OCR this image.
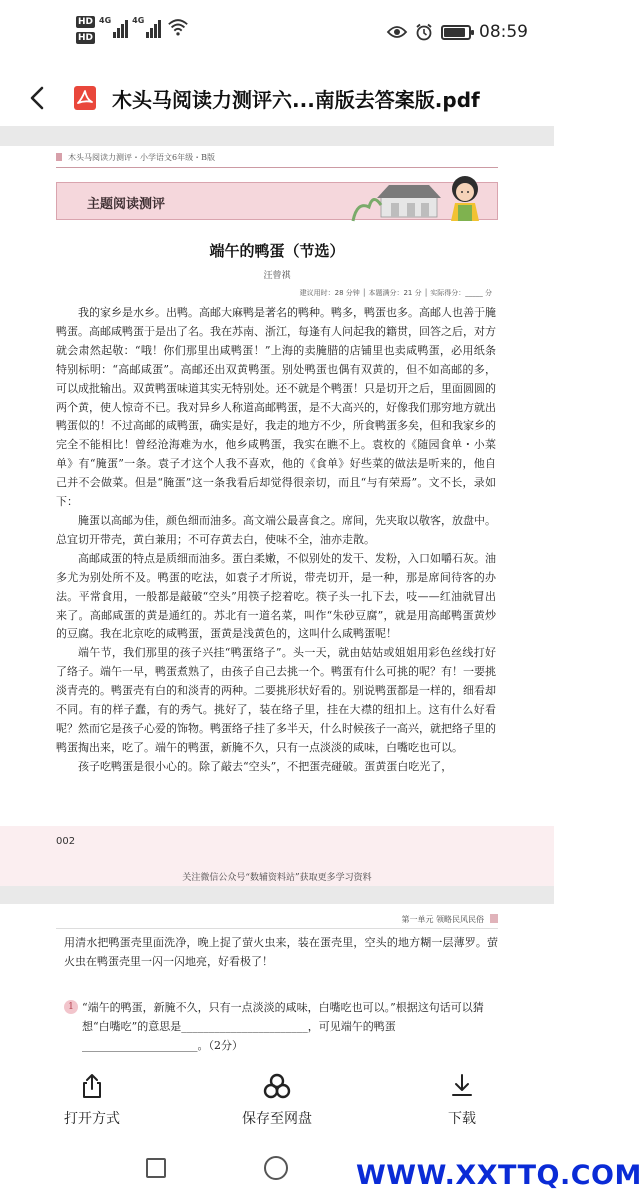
HD
HD
4G	4G
08:59
木头马阅读力测评六...南版去答案版.pdf
木头马阅读力测评・小学语文6年级・B版
主题阅读测评
端午的鸭蛋（节选）
汪曾祺
建议用时：28 分钟 │ 本题满分：21 分 │ 实际得分：_____ 分

我的家乡是水乡。出鸭。高邮大麻鸭是著名的鸭种。鸭多，鸭蛋也多。高邮人也善于腌鸭蛋。高邮咸鸭蛋于是出了名。我在苏南、浙江，每逢有人问起我的籍贯，回答之后，对方就会肃然起敬：“哦！你们那里出咸鸭蛋！”上海的卖腌腊的店铺里也卖咸鸭蛋，必用纸条特别标明：“高邮咸蛋”。高邮还出双黄鸭蛋。别处鸭蛋也偶有双黄的，但不如高邮的多，可以成批输出。双黄鸭蛋味道其实无特别处。还不就是个鸭蛋！只是切开之后，里面圆圆的两个黄，使人惊奇不已。我对异乡人称道高邮鸭蛋，是不大高兴的，好像我们那穷地方就出鸭蛋似的！不过高邮的咸鸭蛋，确实是好，我走的地方不少，所食鸭蛋多矣，但和我家乡的完全不能相比！曾经沧海难为水，他乡咸鸭蛋，我实在瞧不上。袁枚的《随园食单・小菜单》有“腌蛋”一条。袁子才这个人我不喜欢，他的《食单》好些菜的做法是听来的，他自己并不会做菜。但是“腌蛋”这一条我看后却觉得很亲切，而且“与有荣焉”。文不长，录如下：

腌蛋以高邮为佳，颜色细而油多。高文端公最喜食之。席间，先夹取以敬客，放盘中。总宜切开带壳，黄白兼用；不可存黄去白，使味不全，油亦走散。

高邮咸蛋的特点是质细而油多。蛋白柔嫩，不似别处的发干、发粉，入口如嚼石灰。油多尤为别处所不及。鸭蛋的吃法，如袁子才所说，带壳切开，是一种，那是席间待客的办法。平常食用，一般都是敲破“空头”用筷子挖着吃。筷子头一扎下去，吱——红油就冒出来了。高邮咸蛋的黄是通红的。苏北有一道名菜，叫作“朱砂豆腐”，就是用高邮鸭蛋黄炒的豆腐。我在北京吃的咸鸭蛋，蛋黄是浅黄色的，这叫什么咸鸭蛋呢！

端午节，我们那里的孩子兴挂“鸭蛋络子”。头一天，就由姑姑或姐姐用彩色丝线打好了络子。端午一早，鸭蛋煮熟了，由孩子自己去挑一个。鸭蛋有什么可挑的呢？有！一要挑淡青壳的。鸭蛋壳有白的和淡青的两种。二要挑形状好看的。别说鸭蛋都是一样的，细看却不同。有的样子蠢，有的秀气。挑好了，装在络子里，挂在大襟的纽扣上。这有什么好看呢？然而它是孩子心爱的饰物。鸭蛋络子挂了多半天，什么时候孩子一高兴，就把络子里的鸭蛋掏出来，吃了。端午的鸭蛋，新腌不久，只有一点淡淡的咸味，白嘴吃也可以。

孩子吃鸭蛋是很小心的。除了敲去“空头”，不把蛋壳碰破。蛋黄蛋白吃光了，

002
关注微信公众号“数辅资料站”获取更多学习资料
第一单元 领略民风民俗
用清水把鸭蛋壳里面洗净，晚上捉了萤火虫来，装在蛋壳里，空头的地方糊一层薄罗。萤火虫在鸭蛋壳里一闪一闪地亮，好看极了！
1 “端午的鸭蛋，新腌不久，只有一点淡淡的咸味，白嘴吃也可以。”根据这句话可以猜想“白嘴吃”的意思是_______________________，可见端午的鸭蛋_____________________。（2分）
打开方式	保存至网盘	下载
WWW.XXTTQ.COM
